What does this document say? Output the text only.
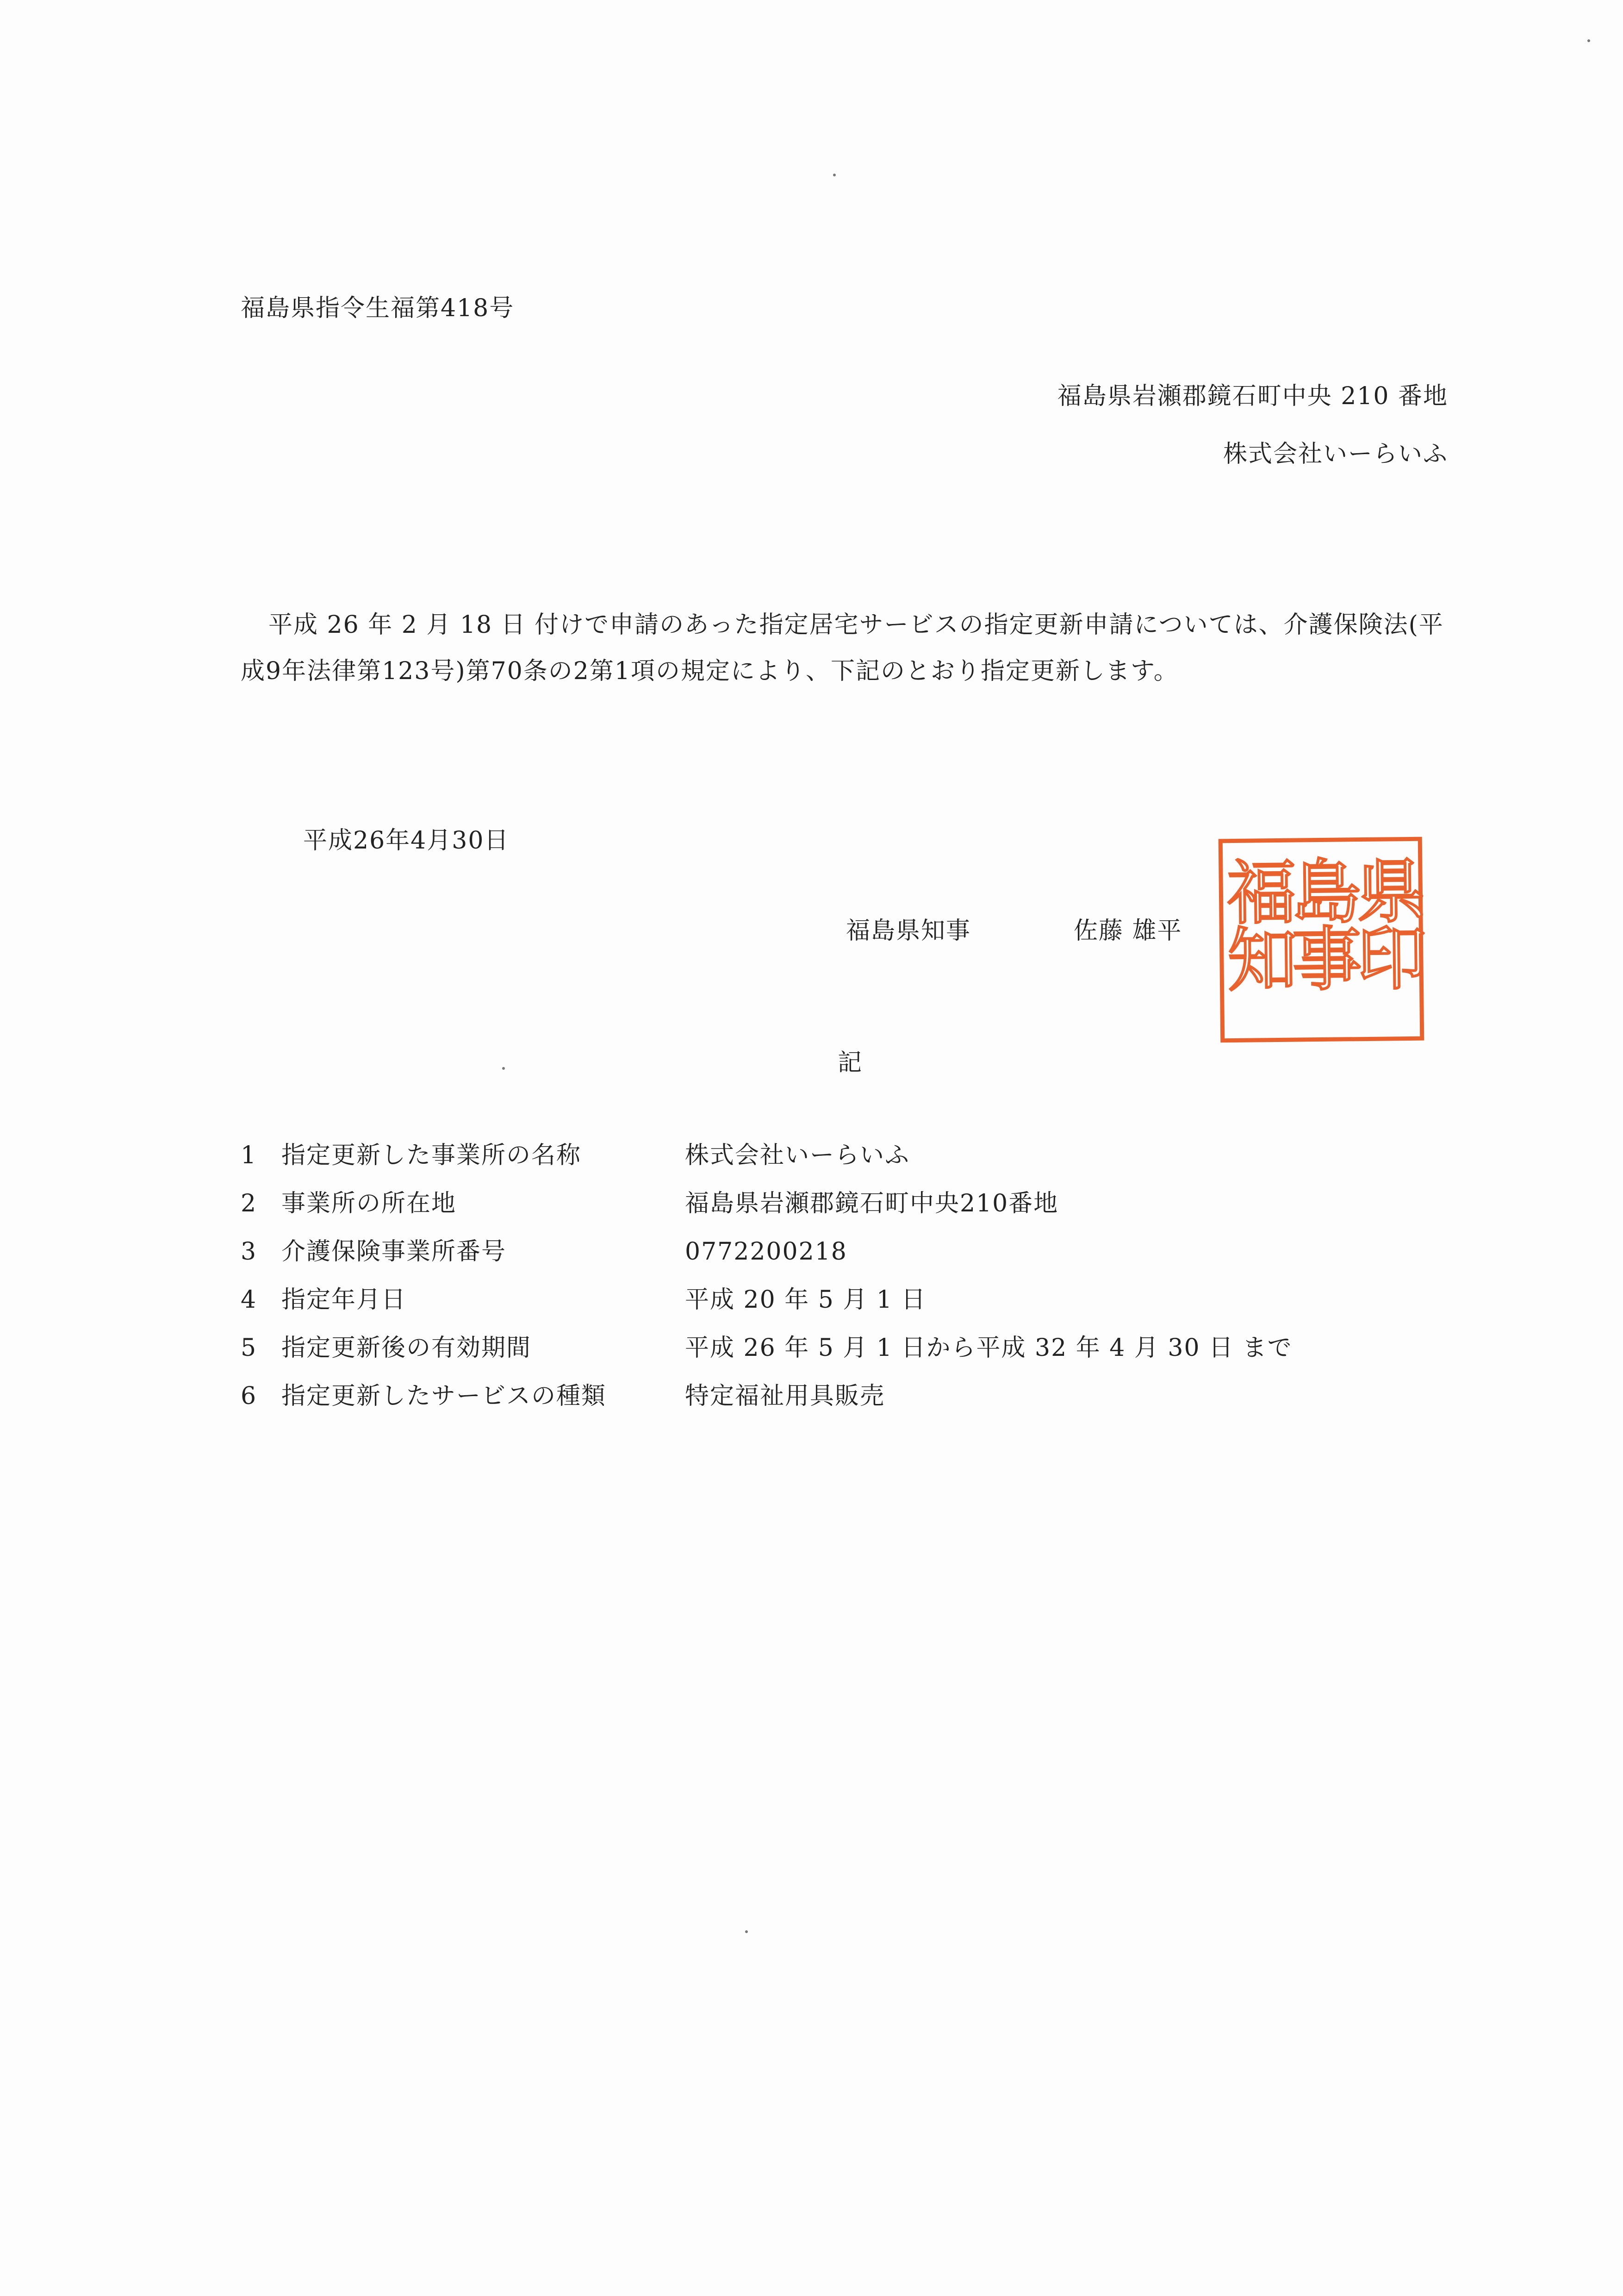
福島県指令生福第418号
福島県岩瀬郡鏡石町中央 210 番地
株式会社いーらいふ
平成 26 年 2 月 18 日 付けで申請のあった指定居宅サービスの指定更新申請については、介護保険法(平成9年法律第123号)第70条の2第1項の規定により、下記のとおり指定更新します。
平成26年4月30日
福島県知事	佐藤 雄平	県
印
福
島
知
事
記
1 指定更新した事業所の名称	株式会社いーらいふ
2 事業所の所在地	福島県岩瀬郡鏡石町中央210番地
3 介護保険事業所番号	0772200218
4 指定年月日	平成 20 年 5 月 1 日
5 指定更新後の有効期間	平成 26 年 5 月 1 日から平成 32 年 4 月 30 日 まで
6 指定更新したサービスの種類	特定福祉用具販売
